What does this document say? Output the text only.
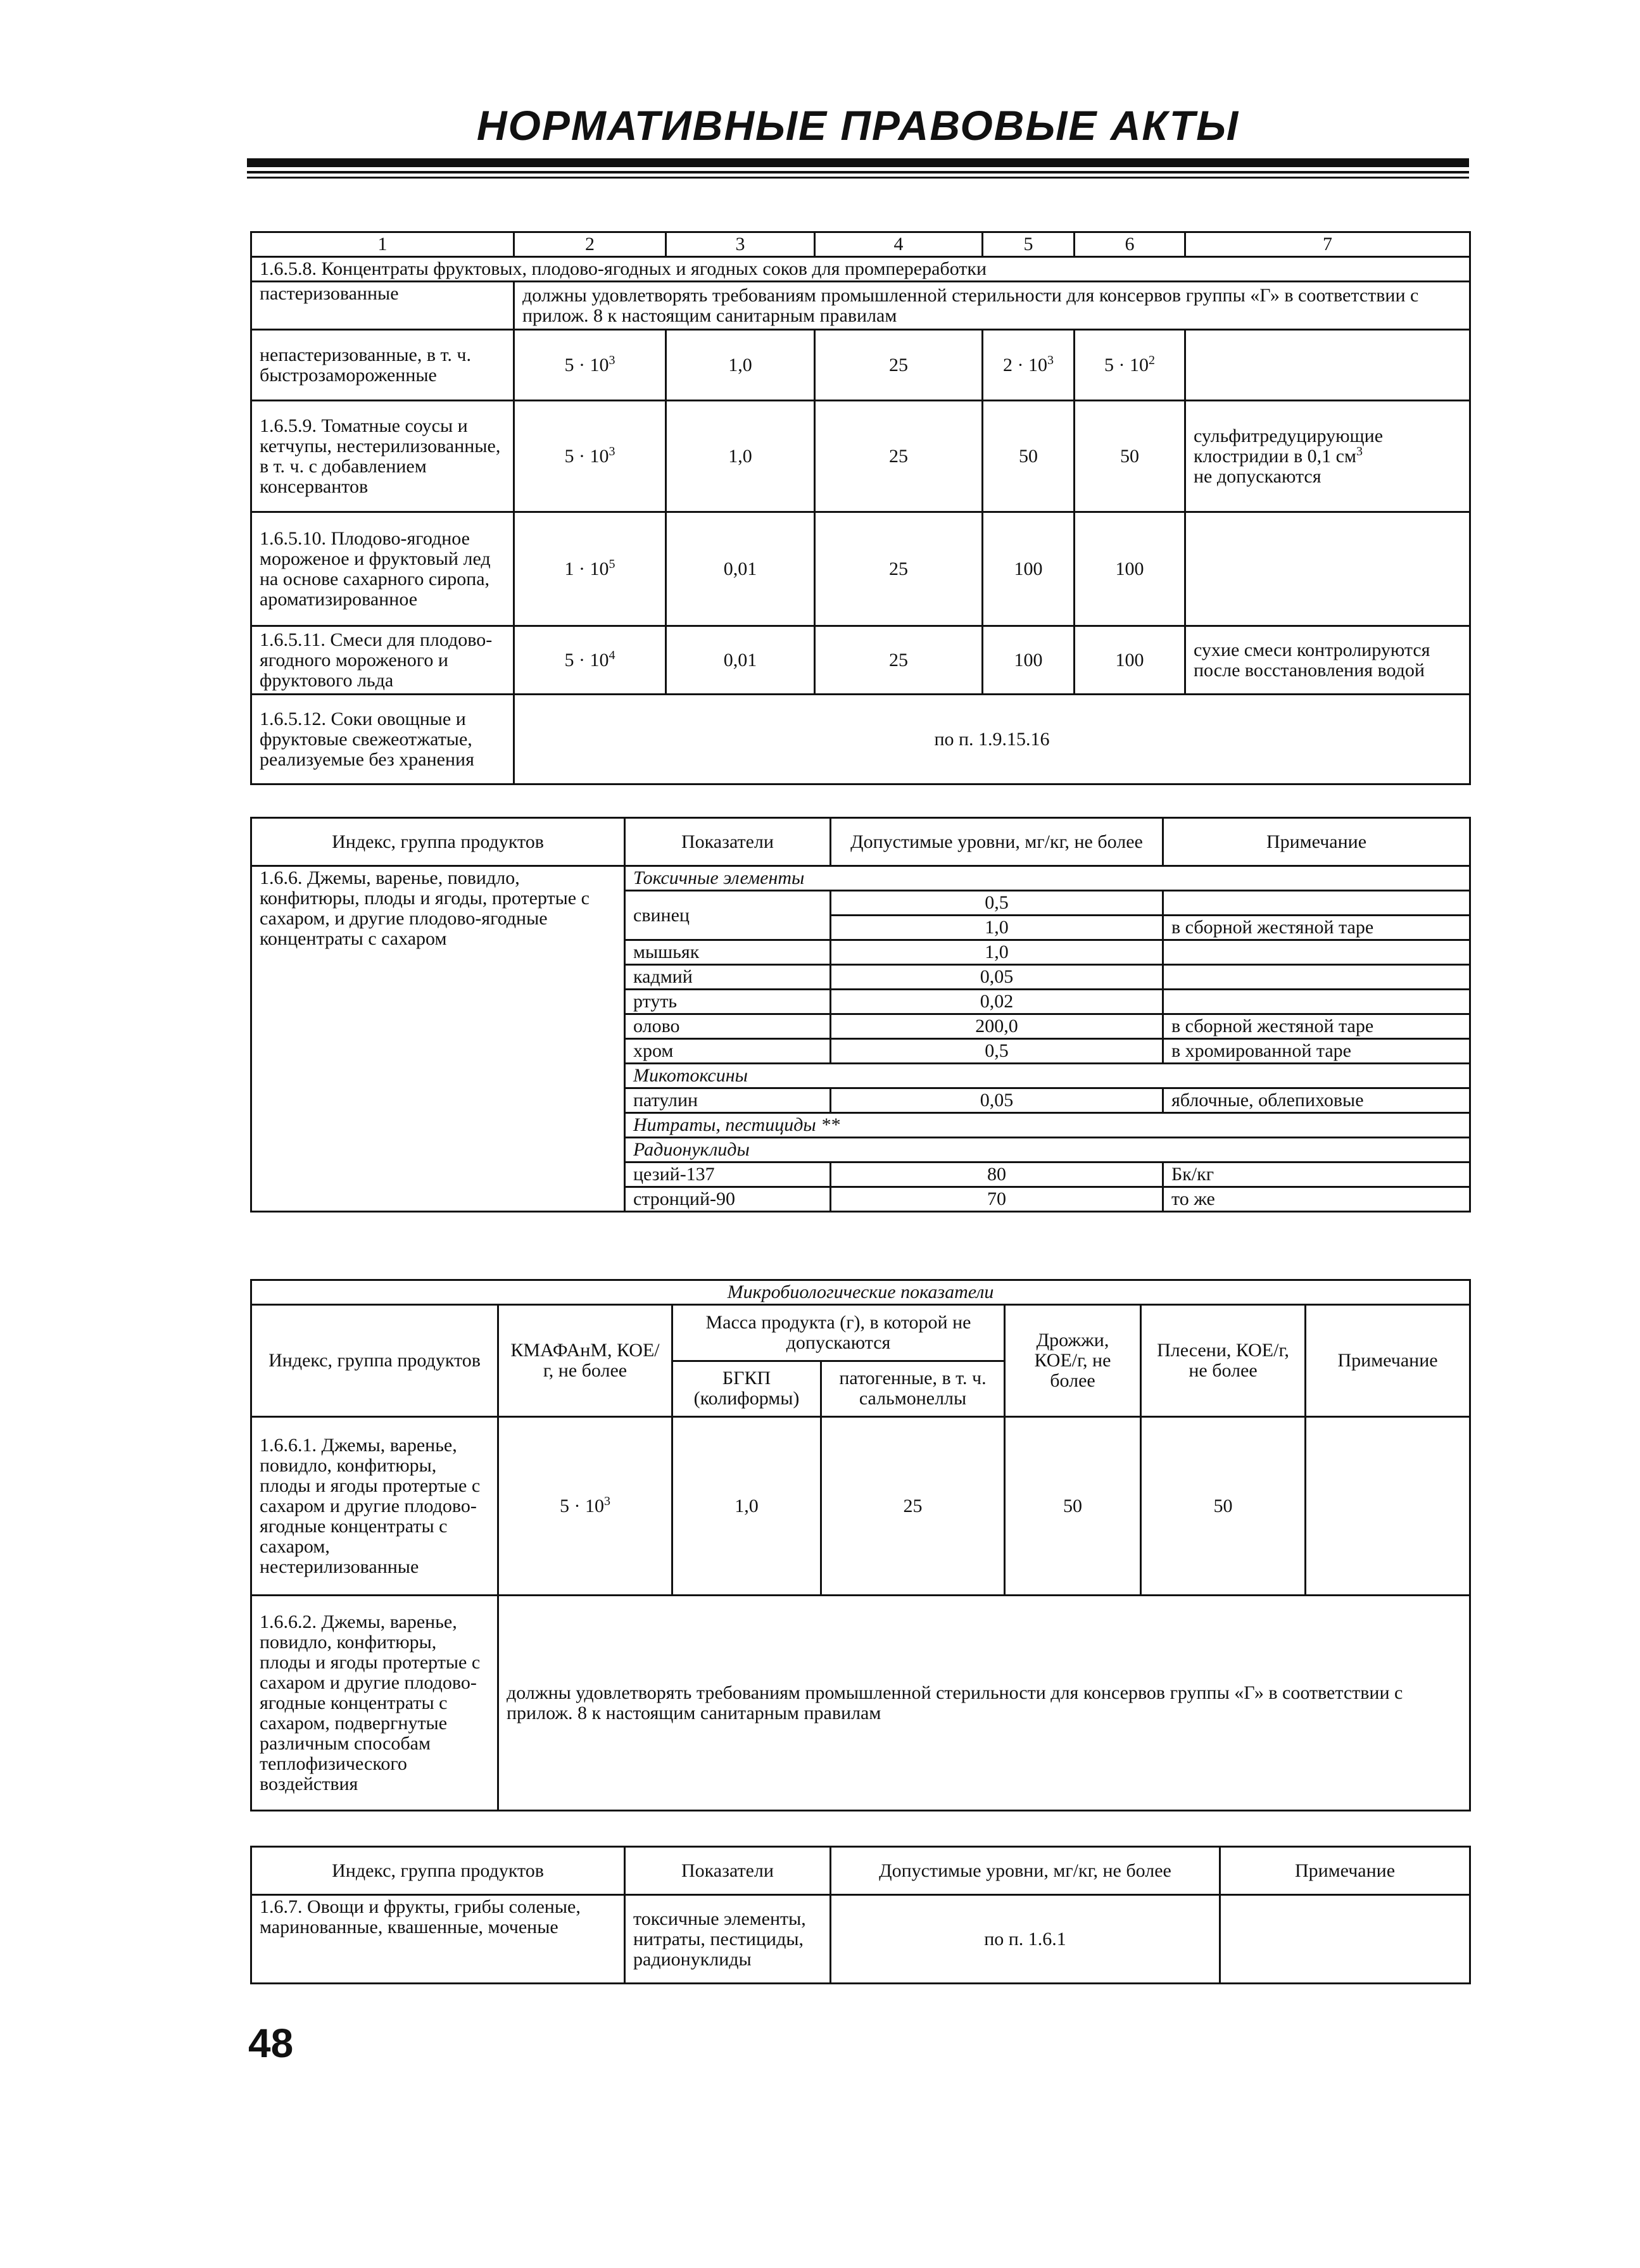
НОРМАТИВНЫЕ ПРАВОВЫЕ АКТЫ
1	2	3	4	5	6	7
1.6.5.8. Концентраты фруктовых, плодово-ягодных и ягодных соков для промпереработки						
пастеризованные	должны удовлетворять требованиям промышленной стерильности для консервов группы «Г» в соответствии с прилож. 8 к настоящим санитарным правилам					
непастеризованные, в т. ч. быстрозамороженные	$5 \cdot 10^3$	1,0	25	$2 \cdot 10^3$	$5 \cdot 10^2$	
1.6.5.9. Томатные соусы и кетчупы, нестерилизованные, в т. ч. с добавлением консервантов	$5 \cdot 10^3$	1,0	25	50	50	сульфитредуцирующие клостридии в 0,1 $см^3$
не допускаются
1.6.5.10. Плодово-ягодное мороженое и фруктовый лед на основе сахарного сиропа, ароматизированное	$1 \cdot 10^5$	0,01	25	100	100	
1.6.5.11. Смеси для плодово-ягодного мороженого и фруктового льда	$5 \cdot 10^4$	0,01	25	100	100	сухие смеси контролируются после восстановления водой
1.6.5.12. Соки овощные и фруктовые свежеотжатые, реализуемые без хранения	по п. 1.9.15.16					
Индекс, группа продуктов	Показатели	Допустимые уровни, мг/кг, не более	Примечание
1.6.6. Джемы, варенье, повидло, конфитюры, плоды и ягоды, протертые с сахаром, и другие плодово-ягодные концентраты с сахаром	Токсичные элементы		
	свинец	0,5	
		1,0	в сборной жестяной таре
	мышьяк	1,0	
	кадмий	0,05	
	ртуть	0,02	
	олово	200,0	в сборной жестяной таре
	хром	0,5	в хромированной таре
	Микотоксины		
	патулин	0,05	яблочные, облепиховые
	Нитраты, пестициды **		
	Радионуклиды		
	цезий-137	80	Бк/кг
	стронций-90	70	то же
Микробиологические показатели						
Индекс, группа продуктов	КМАФАнМ, КОЕ/г, не более	Масса продукта (г), в которой не допускаются		Дрожжи, КОЕ/г, не более	Плесени, КОЕ/г, не более	Примечание
		БГКП (колиформы)	патогенные, в т. ч. сальмонеллы			
1.6.6.1. Джемы, варенье, повидло, конфитюры, плоды и ягоды протертые с сахаром и другие плодово-ягодные концентраты с сахаром, нестерилизованные	$5 \cdot 10^3$	1,0	25	50	50	
1.6.6.2. Джемы, варенье, повидло, конфитюры, плоды и ягоды протертые с сахаром и другие плодово-ягодные концентраты с сахаром, подвергнутые различным способам теплофизического воздействия	должны удовлетворять требованиям промышленной стерильности для консервов группы «Г» в соответствии с прилож. 8 к настоящим санитарным правилам					
Индекс, группа продуктов	Показатели	Допустимые уровни, мг/кг, не более	Примечание
1.6.7. Овощи и фрукты, грибы соленые, маринованные, квашенные, моченые	токсичные элементы, нитраты, пестициды, радионуклиды	по п. 1.6.1	
48
